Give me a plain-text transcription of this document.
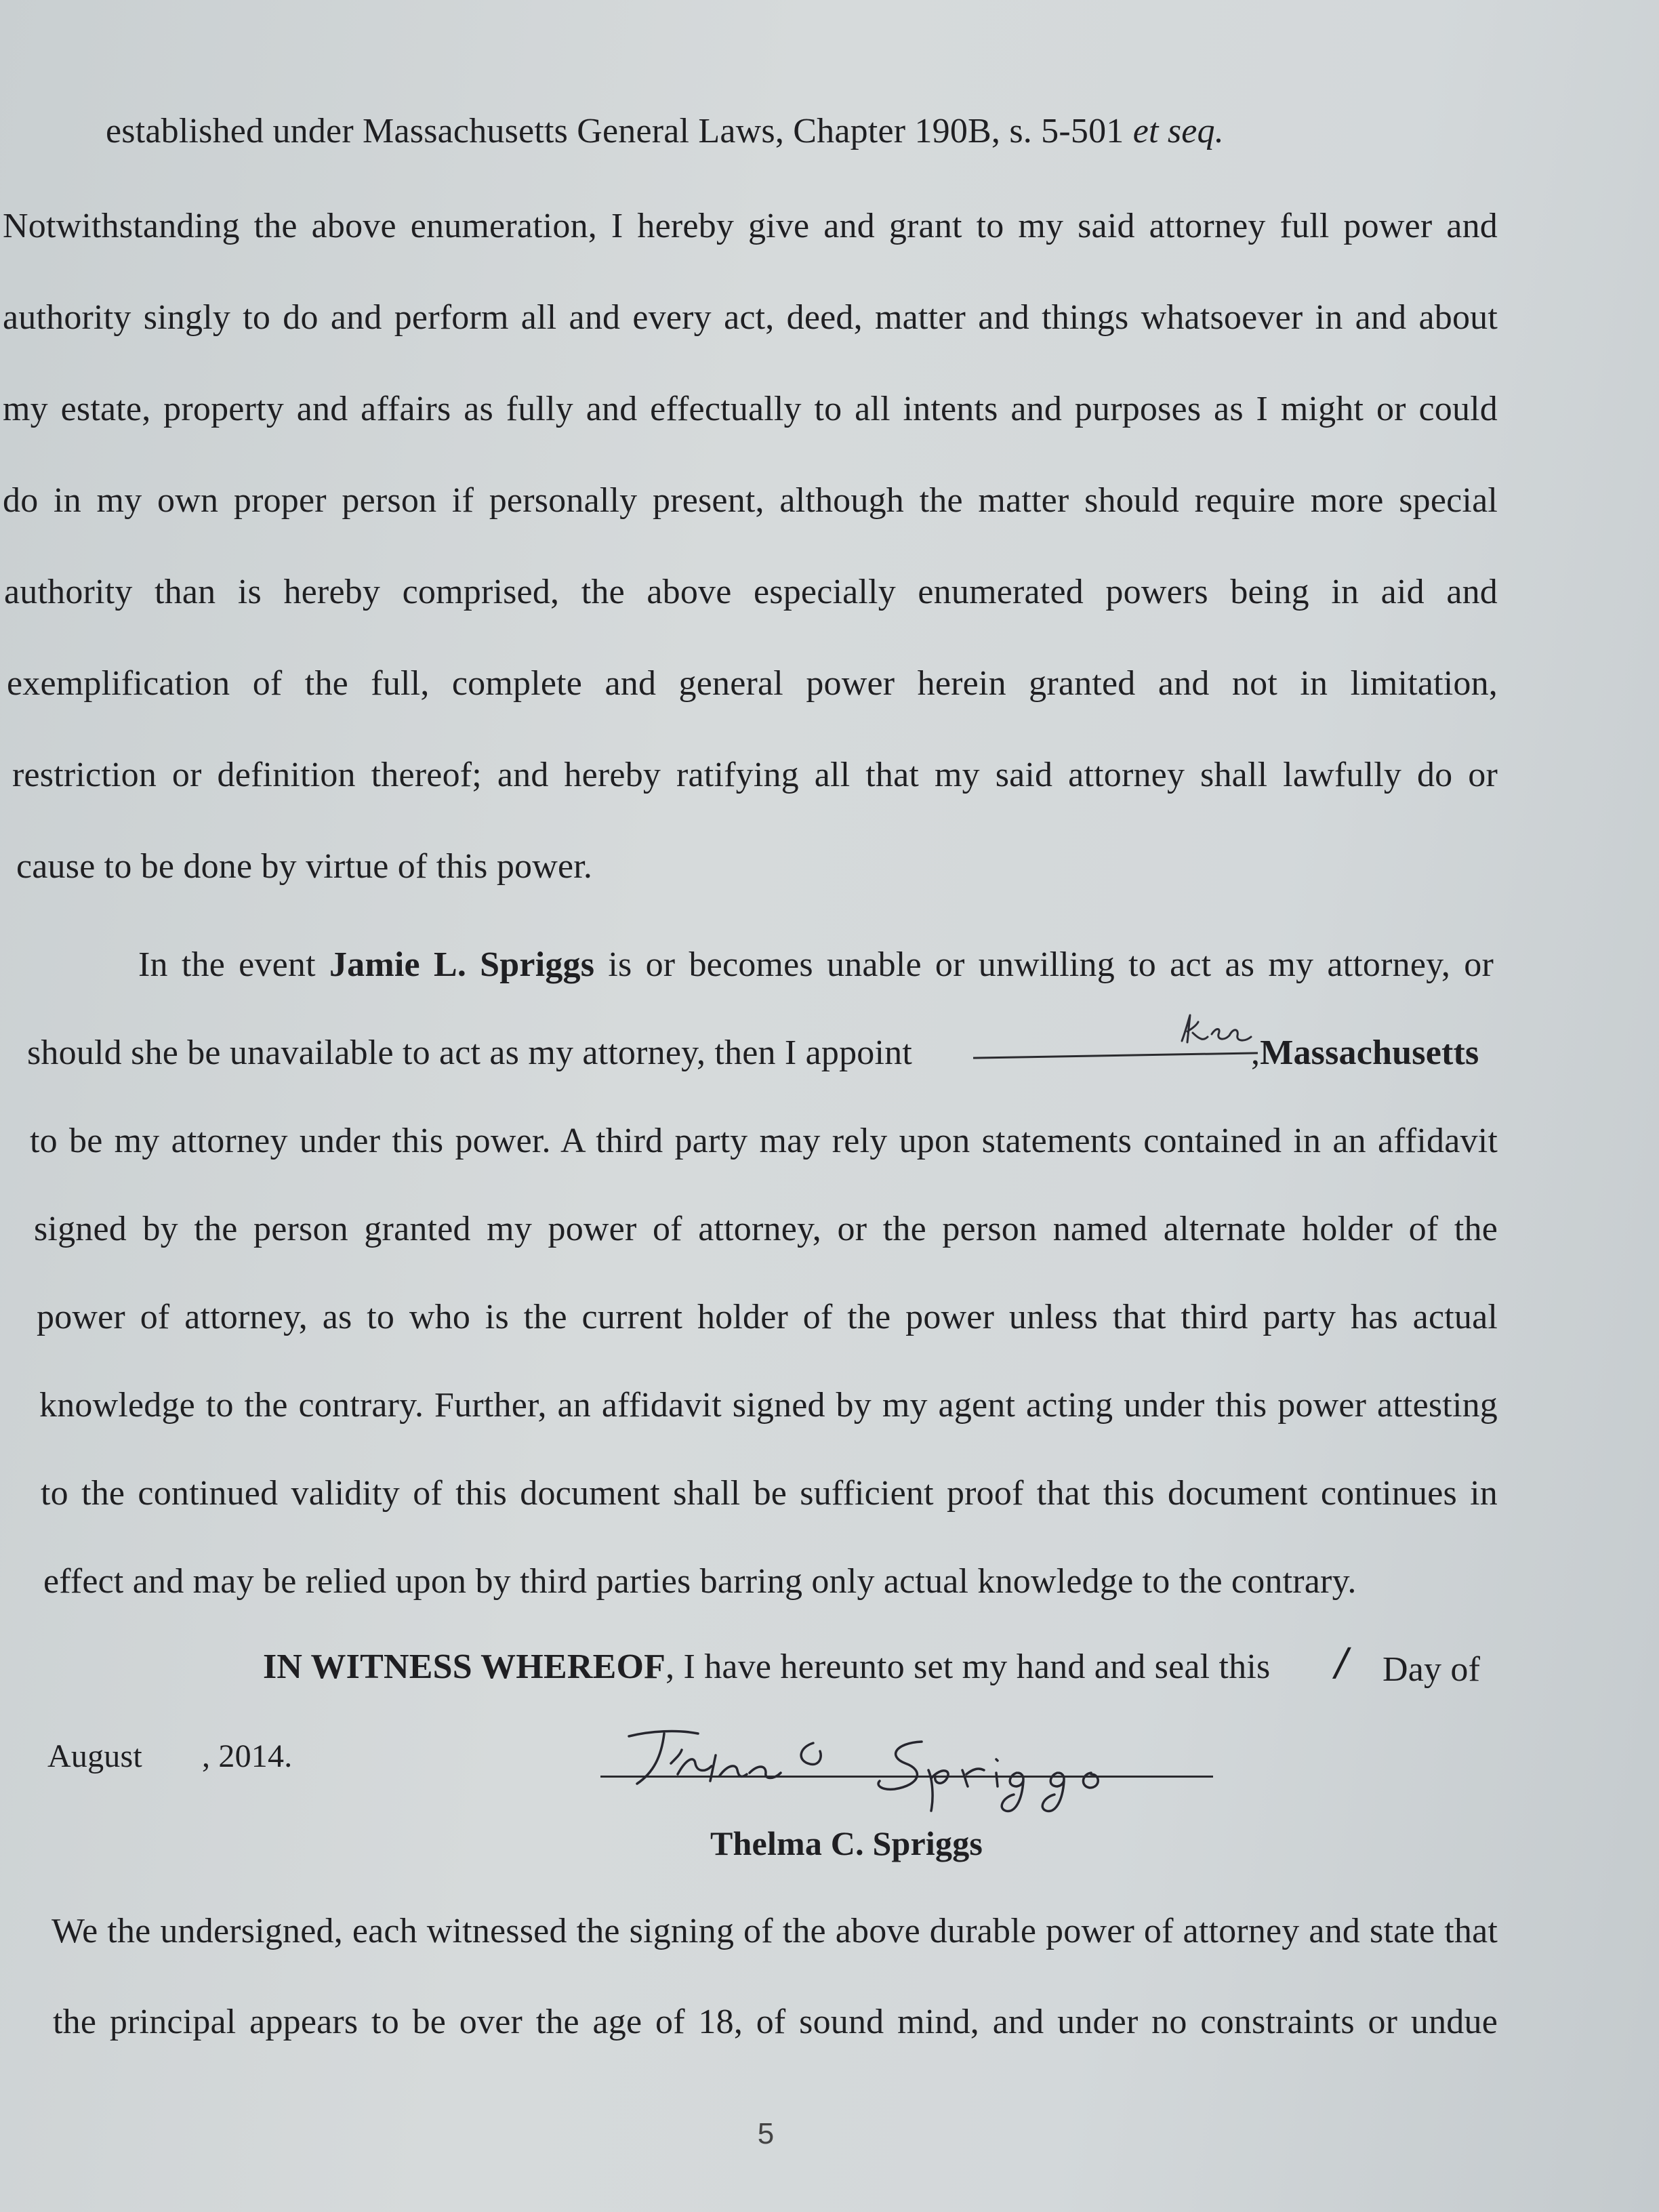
established under Massachusetts General Laws, Chapter 190B, s. 5-501 et seq.
Notwithstanding the above enumeration, I hereby give and grant to my said attorney full power and
authority singly to do and perform all and every act, deed, matter and things whatsoever in and about
my estate, property and affairs as fully and effectually to all intents and purposes as I might or could
do in my own proper person if personally present, although the matter should require more special
authority than is hereby comprised, the above especially enumerated powers being in aid and
exemplification of the full, complete and general power herein granted and not in limitation,
restriction or definition thereof; and hereby ratifying all that my said attorney shall lawfully do or
cause to be done by virtue of this power.
In the event Jamie L. Spriggs is or becomes unable or unwilling to act as my attorney, or
should she be unavailable to act as my attorney, then I appoint	,Massachusetts
to be my attorney under this power. A third party may rely upon statements contained in an affidavit
signed by the person granted my power of attorney, or the person named alternate holder of the
power of attorney, as to who is the current holder of the power unless that third party has actual
knowledge to the contrary. Further, an affidavit signed by my agent acting under this power attesting
to the continued validity of this document shall be sufficient proof that this document continues in
effect and may be relied upon by third parties barring only actual knowledge to the contrary.
IN WITNESS WHEREOF, I have hereunto set my hand and seal this / Day of
August , 2014.
Thelma C. Spriggs
We the undersigned, each witnessed the signing of the above durable power of attorney and state that
the principal appears to be over the age of 18, of sound mind, and under no constraints or undue
5
